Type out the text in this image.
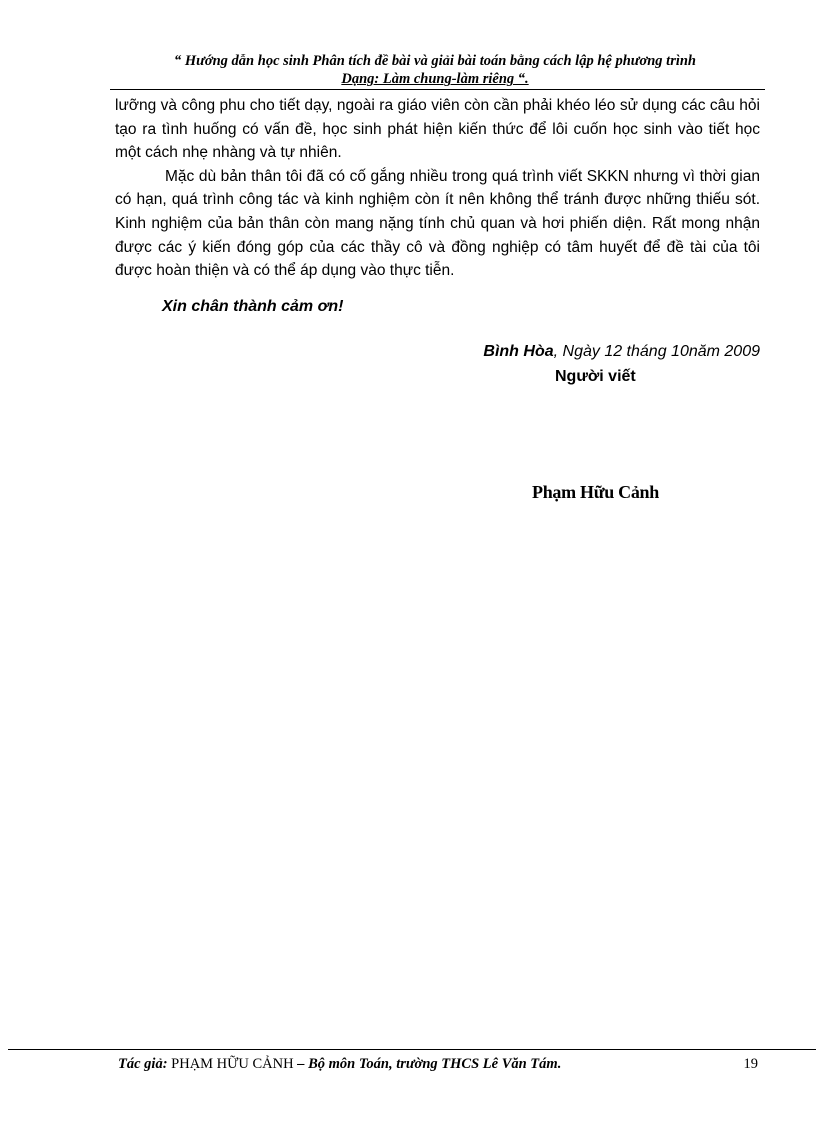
“ Hướng dẫn học sinh Phân tích đề bài và giải bài toán bằng cách lập hệ phương trình
Dạng: Làm chung-làm riêng “.

lưỡng và công phu cho tiết dạy, ngoài ra giáo viên còn cần phải khéo léo sử dụng các câu hỏi tạo ra tình huống có vấn đề, học sinh phát hiện kiến thức để lôi cuốn học sinh vào tiết học một cách nhẹ nhàng và tự nhiên.

Mặc dù bản thân tôi đã có cố gắng nhiều trong quá trình viết SKKN nhưng vì thời gian có hạn, quá trình công tác và kinh nghiệm còn ít nên không thể tránh được những thiếu sót. Kinh nghiệm của bản thân còn mang nặng tính chủ quan và hơi phiến diện. Rất mong nhận được các ý kiến đóng góp của các thầy cô và đồng nghiệp có tâm huyết để đề tài của tôi được hoàn thiện và có thể áp dụng vào thực tiễn.

Xin chân thành cảm ơn!
Bình Hòa, Ngày 12 tháng 10năm 2009
Người viết
Phạm Hữu Cảnh
Tác giả: PHẠM HỮU CẢNH – Bộ môn Toán, trường THCS Lê Văn Tám.	19
